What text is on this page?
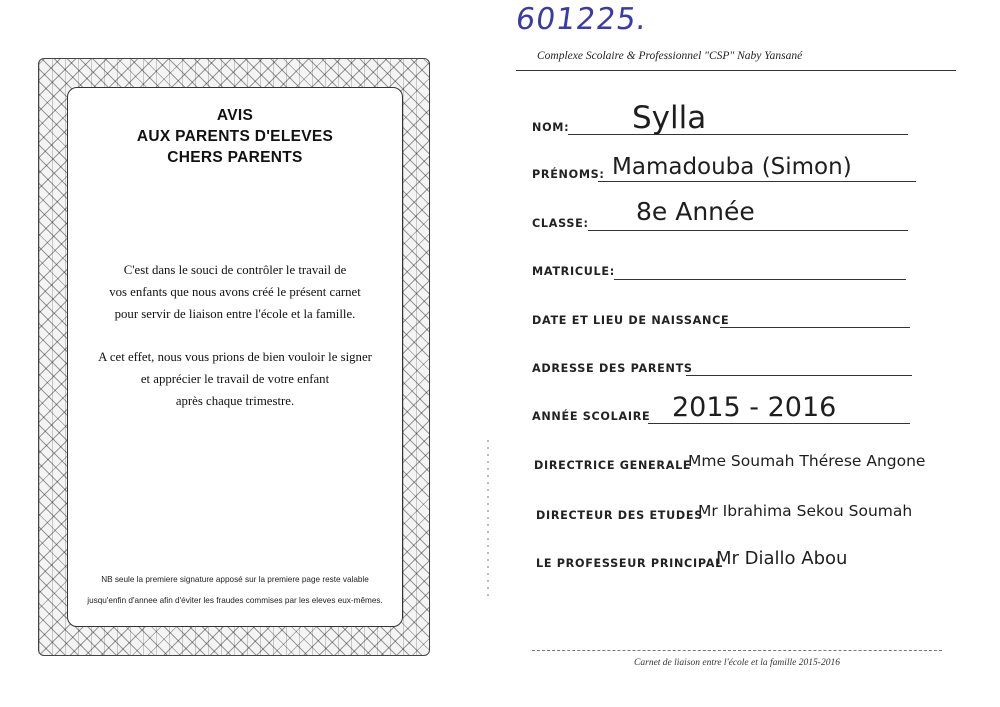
AVIS
AUX PARENTS D'ELEVES
CHERS PARENTS
C'est dans le souci de contrôler le travail de
vos enfants que nous avons créé le présent carnet
pour servir de liaison entre l'école et la famille.
A cet effet, nous vous prions de bien vouloir le signer
et apprécier le travail de votre enfant
après chaque trimestre.
NB seule la premiere signature apposé sur la premiere page reste valable
jusqu'enfin d'annee afin d'éviter les fraudes commises par les eleves eux-mêmes.
601225.
Complexe Scolaire & Professionnel "CSP" Naby Yansané
NOM: Sylla
PRÉNOMS: Mamadouba (Simon)
CLASSE: 8e Année
MATRICULE:
DATE ET LIEU DE NAISSANCE
ADRESSE DES PARENTS
ANNÉE SCOLAIRE 2015 - 2016
DIRECTRICE GENERALE
Mme Soumah Thérese Angone
DIRECTEUR DES ETUDES
Mr Ibrahima Sekou Soumah
LE PROFESSEUR PRINCIPAL
Mr Diallo Abou
Carnet de liaison entre l'école et la famille 2015-2016
